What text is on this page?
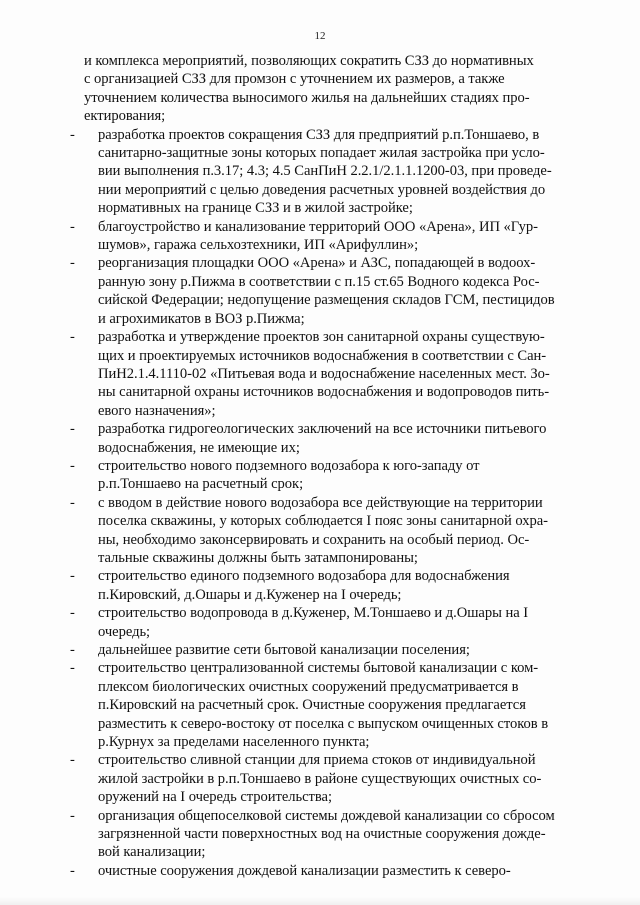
12
и комплекса мероприятий, позволяющих сократить СЗЗ до нормативных
с организацией СЗЗ для промзон с уточнением их размеров, а также
уточнением количества выносимого жилья на дальнейших стадиях про-
ектирования;
-	разработка проектов сокращения СЗЗ для предприятий р.п.Тоншаево, в
санитарно-защитные зоны которых попадает жилая застройка при усло-
вии выполнения п.3.17; 4.3; 4.5 СанПиН 2.2.1/2.1.1.1200-03, при проведе-
нии мероприятий с целью доведения расчетных уровней воздействия до
нормативных на границе СЗЗ и в жилой застройке;
-	благоустройство и канализование территорий ООО «Арена», ИП «Гур-
шумов», гаража сельхозтехники, ИП «Арифуллин»;
-	реорганизация площадки ООО «Арена» и АЗС, попадающей в водоох-
ранную зону р.Пижма в соответствии с п.15 ст.65 Водного кодекса Рос-
сийской Федерации; недопущение размещения складов ГСМ, пестицидов
и агрохимикатов в ВОЗ р.Пижма;
-	разработка и утверждение проектов зон санитарной охраны существую-
щих и проектируемых источников водоснабжения в соответствии с Сан-
ПиН2.1.4.1110-02 «Питьевая вода и водоснабжение населенных мест. Зо-
ны санитарной охраны источников водоснабжения и водопроводов пить-
евого назначения»;
-	разработка гидрогеологических заключений на все источники питьевого
водоснабжения, не имеющие их;
-	строительство нового подземного водозабора к юго-западу от
р.п.Тоншаево на расчетный срок;
-	с вводом в действие нового водозабора все действующие на территории
поселка скважины, у которых соблюдается I пояс зоны санитарной охра-
ны, необходимо законсервировать и сохранить на особый период. Ос-
тальные скважины должны быть затампонированы;
-	строительство единого подземного водозабора для водоснабжения
п.Кировский, д.Ошары и д.Куженер на I очередь;
-	строительство водопровода в д.Куженер, М.Тоншаево и д.Ошары на I
очередь;
-	дальнейшее развитие сети бытовой канализации поселения;
-	строительство централизованной системы бытовой канализации с ком-
плексом биологических очистных сооружений предусматривается в
п.Кировский на расчетный срок. Очистные сооружения предлагается
разместить к северо-востоку от поселка с выпуском очищенных стоков в
р.Курнух за пределами населенного пункта;
-	строительство сливной станции для приема стоков от индивидуальной
жилой застройки в р.п.Тоншаево в районе существующих очистных со-
оружений на I очередь строительства;
-	организация общепоселковой системы дождевой канализации со сбросом
загрязненной части поверхностных вод на очистные сооружения дожде-
вой канализации;
-	очистные сооружения дождевой канализации разместить к северо-
